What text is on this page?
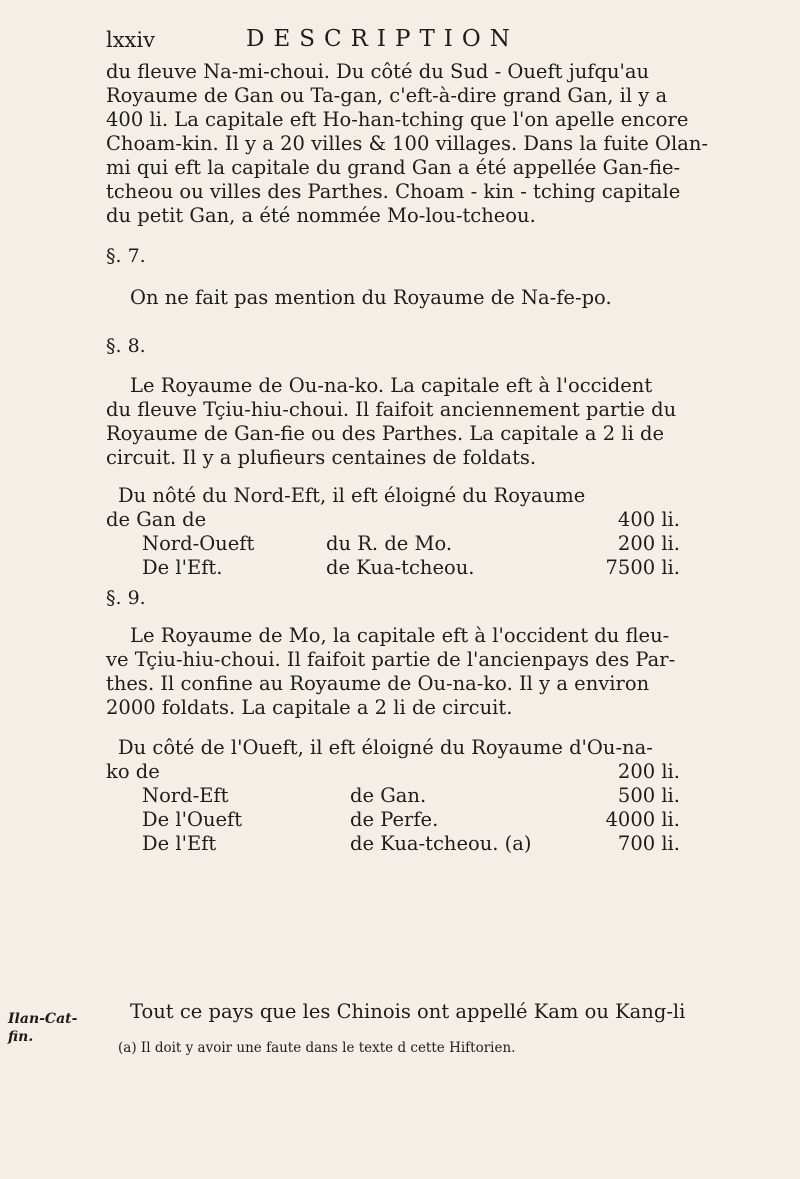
lxxiv	DESCRIPTION
du fleuve Na-mi-choui. Du côté du Sud - Oueft jufqu'au
Royaume de Gan ou Ta-gan, c'eft-à-dire grand Gan, il y a
400 li. La capitale eft Ho-han-tching que l'on apelle encore
Choam-kin. Il y a 20 villes & 100 villages. Dans la fuite Olan-
mi qui eft la capitale du grand Gan a été appellée Gan-fie-
tcheou ou villes des Parthes. Choam - kin - tching capitale
du petit Gan, a été nommée Mo-lou-tcheou.

§. 7.

On ne fait pas mention du Royaume de Na-fe-po.

§. 8.

Le Royaume de Ou-na-ko. La capitale eft à l'occident
du fleuve Tçiu-hiu-choui. Il faifoit anciennement partie du
Royaume de Gan-fie ou des Parthes. La capitale a 2 li de
circuit. Il y a plufieurs centaines de foldats.
Du nôté du Nord-Eft, il eft éloigné du Royaume
de Gan de	400 li.
Nord-Oueft	du R. de Mo.	200 li.
De l'Eft.	de Kua-tcheou.	7500 li.

§. 9.

Le Royaume de Mo, la capitale eft à l'occident du fleu-
ve Tçiu-hiu-choui. Il faifoit partie de l'ancienpays des Par-
thes. Il confine au Royaume de Ou-na-ko. Il y a environ
2000 foldats. La capitale a 2 li de circuit.
Du côté de l'Oueft, il eft éloigné du Royaume d'Ou-na-
ko de	200 li.
Nord-Eft	de Gan.	500 li.
De l'Oueft	de Perfe.	4000 li.
De l'Eft	de Kua-tcheou. (a)	700 li.
Tout ce pays que les Chinois ont appellé Kam ou Kang-li
Ilan-Cat-
fin.
(a) Il doit y avoir une faute dans le texte d cette Hiftorien.
